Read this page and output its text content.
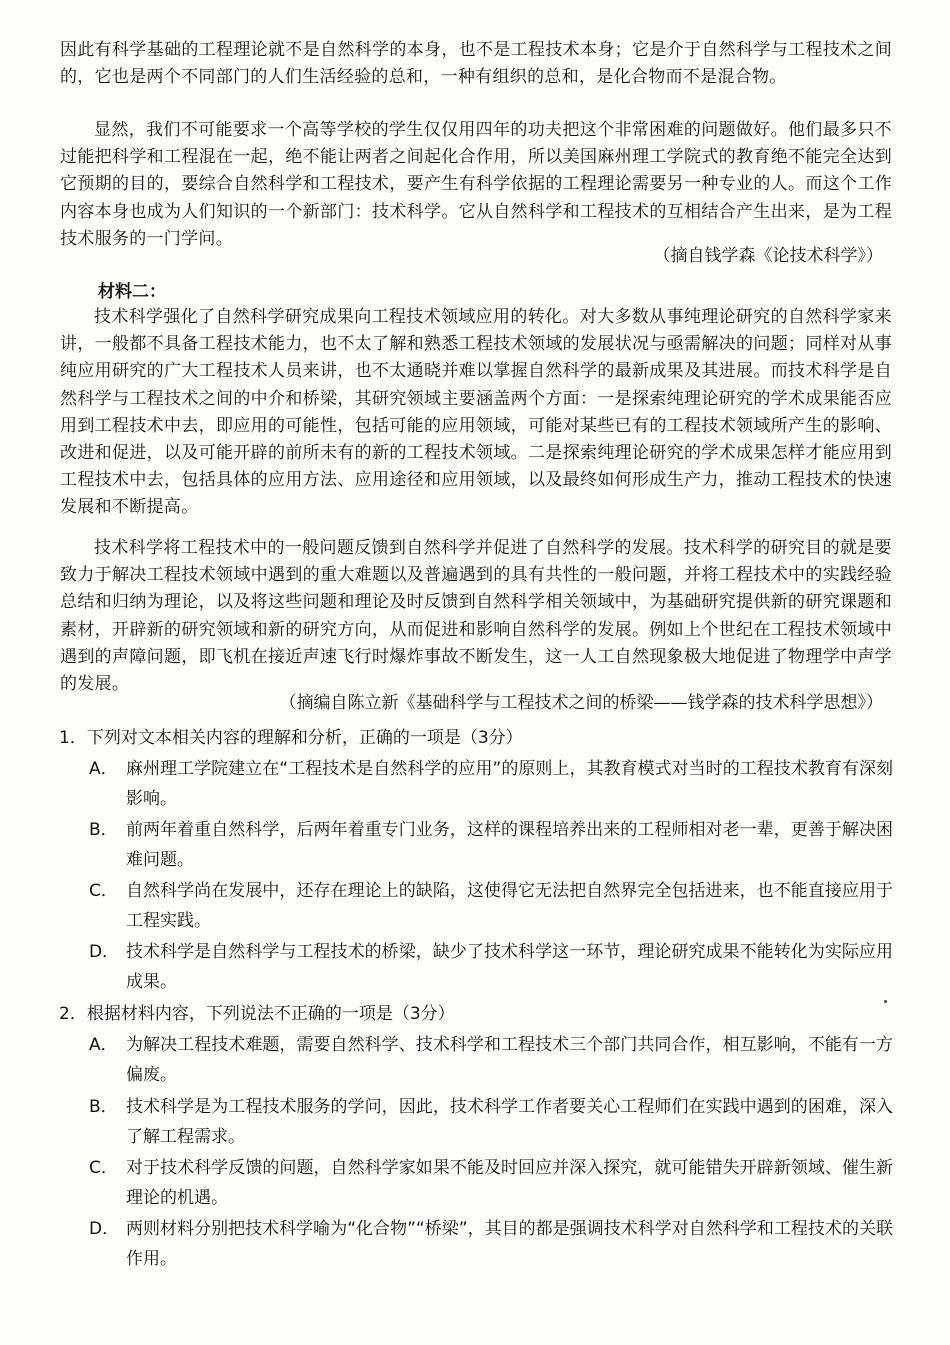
因此有科学基础的工程理论就不是自然科学的本身，也不是工程技术本身；它是介于自然科学与工程技术之间的，它也是两个不同部门的人们生活经验的总和，一种有组织的总和，是化合物而不是混合物。

显然，我们不可能要求一个高等学校的学生仅仅用四年的功夫把这个非常困难的问题做好。他们最多只不过能把科学和工程混在一起，绝不能让两者之间起化合作用，所以美国麻州理工学院式的教育绝不能完全达到它预期的目的，要综合自然科学和工程技术，要产生有科学依据的工程理论需要另一种专业的人。而这个工作内容本身也成为人们知识的一个新部门：技术科学。它从自然科学和工程技术的互相结合产生出来，是为工程技术服务的一门学问。

（摘自钱学森《论技术科学》）

材料二：

技术科学强化了自然科学研究成果向工程技术领域应用的转化。对大多数从事纯理论研究的自然科学家来讲，一般都不具备工程技术能力，也不太了解和熟悉工程技术领域的发展状况与亟需解决的问题；同样对从事纯应用研究的广大工程技术人员来讲，也不太通晓并难以掌握自然科学的最新成果及其进展。而技术科学是自然科学与工程技术之间的中介和桥梁，其研究领域主要涵盖两个方面：一是探索纯理论研究的学术成果能否应用到工程技术中去，即应用的可能性，包括可能的应用领域，可能对某些已有的工程技术领域所产生的影响、改进和促进，以及可能开辟的前所未有的新的工程技术领域。二是探索纯理论研究的学术成果怎样才能应用到工程技术中去，包括具体的应用方法、应用途径和应用领域，以及最终如何形成生产力，推动工程技术的快速发展和不断提高。

技术科学将工程技术中的一般问题反馈到自然科学并促进了自然科学的发展。技术科学的研究目的就是要致力于解决工程技术领域中遇到的重大难题以及普遍遇到的具有共性的一般问题，并将工程技术中的实践经验总结和归纳为理论，以及将这些问题和理论及时反馈到自然科学相关领域中，为基础研究提供新的研究课题和素材，开辟新的研究领域和新的研究方向，从而促进和影响自然科学的发展。例如上个世纪在工程技术领域中遇到的声障问题，即飞机在接近声速飞行时爆炸事故不断发生，这一人工自然现象极大地促进了物理学中声学的发展。

（摘编自陈立新《基础科学与工程技术之间的桥梁——钱学森的技术科学思想》）

1．下列对文本相关内容的理解和分析，正确的一项是（3分）

A． 麻州理工学院建立在“工程技术是自然科学的应用”的原则上，其教育模式对当时的工程技术教育有深刻影响。
B． 前两年着重自然科学，后两年着重专门业务，这样的课程培养出来的工程师相对老一辈，更善于解决困难问题。
C． 自然科学尚在发展中，还存在理论上的缺陷，这使得它无法把自然界完全包括进来，也不能直接应用于工程实践。
D． 技术科学是自然科学与工程技术的桥梁，缺少了技术科学这一环节，理论研究成果不能转化为实际应用成果。

2．根据材料内容，下列说法不正确的一项是（3分）

A． 为解决工程技术难题，需要自然科学、技术科学和工程技术三个部门共同合作，相互影响，不能有一方偏废。
B． 技术科学是为工程技术服务的学问，因此，技术科学工作者要关心工程师们在实践中遇到的困难，深入了解工程需求。
C． 对于技术科学反馈的问题，自然科学家如果不能及时回应并深入探究，就可能错失开辟新领域、催生新理论的机遇。
D． 两则材料分别把技术科学喻为“化合物”“桥梁”，其目的都是强调技术科学对自然科学和工程技术的关联作用。
